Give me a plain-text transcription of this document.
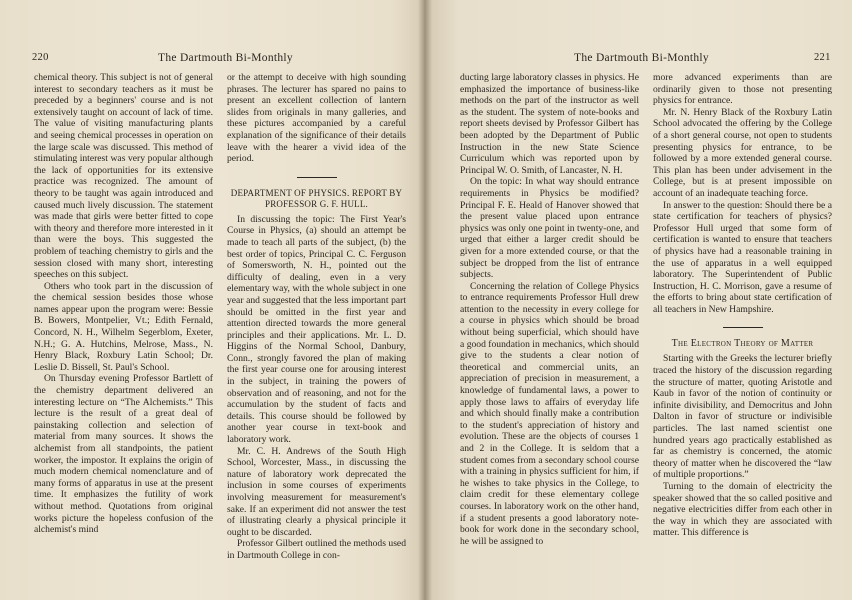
220	The Dartmouth Bi-Monthly

chemical theory. This subject is not of general interest to secondary teachers as it must be preceded by a beginners' course and is not extensively taught on account of lack of time. The value of visiting manufacturing plants and seeing chemical processes in operation on the large scale was discussed. This method of stimulating interest was very popular although the lack of opportunities for its extensive practice was recognized. The amount of theory to be taught was again introduced and caused much lively discussion. The statement was made that girls were better fitted to cope with theory and therefore more interested in it than were the boys. This suggested the problem of teaching chemistry to girls and the session closed with many short, interesting speeches on this subject.

Others who took part in the discussion of the chemical session besides those whose names appear upon the program were: Bessie B. Bowers, Montpelier, Vt.; Edith Fernald, Concord, N. H., Wilhelm Segerblom, Exeter, N.H.; G. A. Hutchins, Melrose, Mass., N. Henry Black, Roxbury Latin School; Dr. Leslie D. Bissell, St. Paul's School.

On Thursday evening Professor Bartlett of the chemistry department delivered an interesting lecture on “The Alchemists.” This lecture is the result of a great deal of painstaking collection and selection of material from many sources. It shows the alchemist from all standpoints, the patient worker, the impostor. It explains the origin of much modern chemical nomenclature and of many forms of apparatus in use at the present time. It emphasizes the futility of work without method. Quotations from original works picture the hopeless confusion of the alchemist's mind

or the attempt to deceive with high sounding phrases. The lecturer has spared no pains to present an excellent collection of lantern slides from originals in many galleries, and these pictures accompanied by a careful explanation of the significance of their details leave with the hearer a vivid idea of the period.

DEPARTMENT OF PHYSICS. REPORT BY PROFESSOR G. F. HULL.

In discussing the topic: The First Year's Course in Physics, (a) should an attempt be made to teach all parts of the subject, (b) the best order of topics, Principal C. C. Ferguson of Somersworth, N. H., pointed out the difficulty of dealing, even in a very elementary way, with the whole subject in one year and suggested that the less important part should be omitted in the first year and attention directed towards the more general principles and their applications. Mr. L. D. Higgins of the Normal School, Danbury, Conn., strongly favored the plan of making the first year course one for arousing interest in the subject, in training the powers of observation and of reasoning, and not for the accumulation by the student of facts and details. This course should be followed by another year course in text-book and laboratory work.

Mr. C. H. Andrews of the South High School, Worcester, Mass., in discussing the nature of laboratory work deprecated the inclusion in some courses of experiments involving measurement for measurement's sake. If an experiment did not answer the test of illustrating clearly a physical principle it ought to be discarded.

Professor Gilbert outlined the methods used in Dartmouth College in con-

The Dartmouth Bi-Monthly	221

ducting large laboratory classes in physics. He emphasized the importance of business-like methods on the part of the instructor as well as the student. The system of note-books and report sheets devised by Professor Gilbert has been adopted by the Department of Public Instruction in the new State Science Curriculum which was reported upon by Principal W. O. Smith, of Lancaster, N. H.

On the topic: In what way should entrance requirements in Physics be modified? Principal F. E. Heald of Hanover showed that the present value placed upon entrance physics was only one point in twenty-one, and urged that either a larger credit should be given for a more extended course, or that the subject be dropped from the list of entrance subjects.

Concerning the relation of College Physics to entrance requirements Professor Hull drew attention to the necessity in every college for a course in physics which should be broad without being superficial, which should have a good foundation in mechanics, which should give to the students a clear notion of theoretical and commercial units, an appreciation of precision in measurement, a knowledge of fundamental laws, a power to apply those laws to affairs of everyday life and which should finally make a contribution to the student's appreciation of history and evolution. These are the objects of courses 1 and 2 in the College. It is seldom that a student comes from a secondary school course with a training in physics sufficient for him, if he wishes to take physics in the College, to claim credit for these elementary college courses. In laboratory work on the other hand, if a student presents a good laboratory note-book for work done in the secondary school, he will be assigned to

more advanced experiments than are ordinarily given to those not presenting physics for entrance.

Mr. N. Henry Black of the Roxbury Latin School advocated the offering by the College of a short general course, not open to students presenting physics for entrance, to be followed by a more extended general course. This plan has been under advisement in the College, but is at present impossible on account of an inadequate teaching force.

In answer to the question: Should there be a state certification for teachers of physics? Professor Hull urged that some form of certification is wanted to ensure that teachers of physics have had a reasonable training in the use of apparatus in a well equipped laboratory. The Superintendent of Public Instruction, H. C. Morrison, gave a resume of the efforts to bring about state certification of all teachers in New Hampshire.

The Electron Theory of Matter

Starting with the Greeks the lecturer briefly traced the history of the discussion regarding the structure of matter, quoting Aristotle and Kaub in favor of the notion of continuity or infinite divisibility, and Democritus and John Dalton in favor of structure or indivisible particles. The last named scientist one hundred years ago practically established as far as chemistry is concerned, the atomic theory of matter when he discovered the “law of multiple proportions.”

Turning to the domain of electricity the speaker showed that the so called positive and negative electricities differ from each other in the way in which they are associated with matter. This difference is
